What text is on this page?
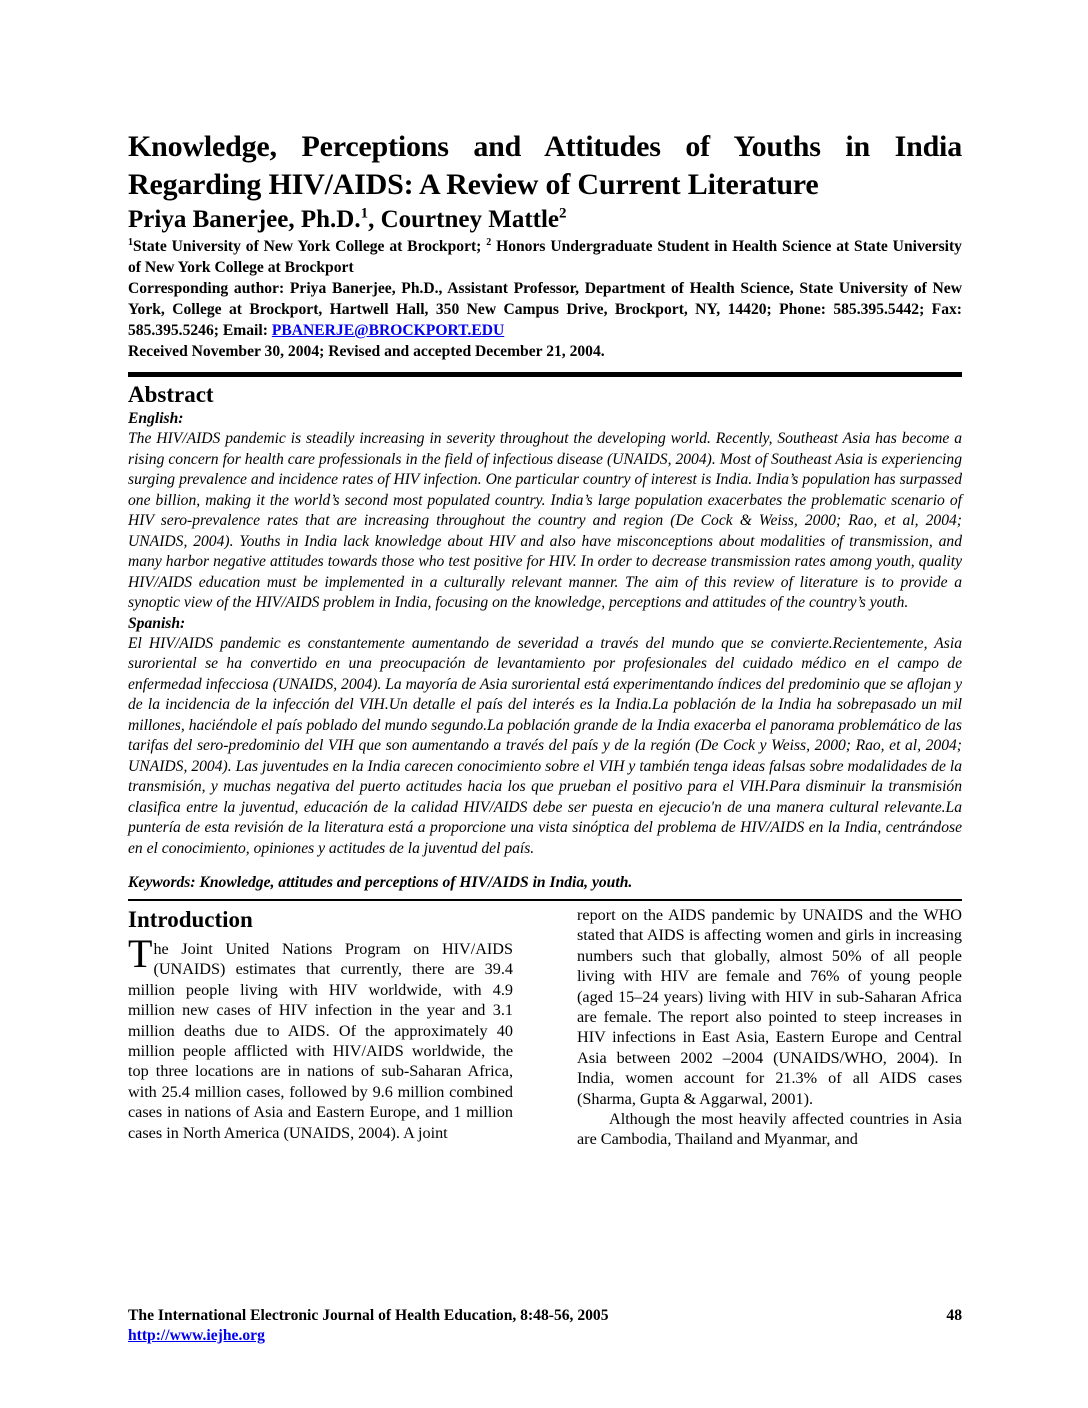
Knowledge, Perceptions and Attitudes of Youths in India Regarding HIV/AIDS: A Review of Current Literature

Priya Banerjee, Ph.D.$^1$, Courtney Mattle$^2$

$^1$State University of New York College at Brockport; $^2$ Honors Undergraduate Student in Health Science at State University of New York College at Brockport

Corresponding author: Priya Banerjee, Ph.D., Assistant Professor, Department of Health Science, State University of New York, College at Brockport, Hartwell Hall, 350 New Campus Drive, Brockport, NY, 14420; Phone: 585.395.5442; Fax: 585.395.5246; Email: PBANERJE@BROCKPORT.EDU

Received November 30, 2004; Revised and accepted December 21, 2004.

Abstract

English:

The HIV/AIDS pandemic is steadily increasing in severity throughout the developing world. Recently, Southeast Asia has become a rising concern for health care professionals in the field of infectious disease (UNAIDS, 2004). Most of Southeast Asia is experiencing surging prevalence and incidence rates of HIV infection. One particular country of interest is India. India’s population has surpassed one billion, making it the world’s second most populated country. India’s large population exacerbates the problematic scenario of HIV sero-prevalence rates that are increasing throughout the country and region (De Cock & Weiss, 2000; Rao, et al, 2004; UNAIDS, 2004). Youths in India lack knowledge about HIV and also have misconceptions about modalities of transmission, and many harbor negative attitudes towards those who test positive for HIV. In order to decrease transmission rates among youth, quality HIV/AIDS education must be implemented in a culturally relevant manner. The aim of this review of literature is to provide a synoptic view of the HIV/AIDS problem in India, focusing on the knowledge, perceptions and attitudes of the country’s youth.

Spanish:

El HIV/AIDS pandemic es constantemente aumentando de severidad a través del mundo que se convierte.Recientemente, Asia suroriental se ha convertido en una preocupación de levantamiento por profesionales del cuidado médico en el campo de enfermedad infecciosa (UNAIDS, 2004). La mayoría de Asia suroriental está experimentando índices del predominio que se aflojan y de la incidencia de la infección del VIH.Un detalle el país del interés es la India.La población de la India ha sobrepasado un mil millones, haciéndole el país poblado del mundo segundo.La población grande de la India exacerba el panorama problemático de las tarifas del sero-predominio del VIH que son aumentando a través del país y de la región (De Cock y Weiss, 2000; Rao, et al, 2004; UNAIDS, 2004). Las juventudes en la India carecen conocimiento sobre el VIH y también tenga ideas falsas sobre modalidades de la transmisión, y muchas negativa del puerto actitudes hacia los que prueban el positivo para el VIH.Para disminuir la transmisión clasifica entre la juventud, educación de la calidad HIV/AIDS debe ser puesta en ejecucio'n de una manera cultural relevante.La puntería de esta revisión de la literatura está a proporcione una vista sinóptica del problema de HIV/AIDS en la India, centrándose en el conocimiento, opiniones y actitudes de la juventud del país.

Keywords: Knowledge, attitudes and perceptions of HIV/AIDS in India, youth.

Introduction

The Joint United Nations Program on HIV/AIDS (UNAIDS) estimates that currently, there are 39.4 million people living with HIV worldwide, with 4.9 million new cases of HIV infection in the year and 3.1 million deaths due to AIDS. Of the approximately 40 million people afflicted with HIV/AIDS worldwide, the top three locations are in nations of sub-Saharan Africa, with 25.4 million cases, followed by 9.6 million combined cases in nations of Asia and Eastern Europe, and 1 million cases in North America (UNAIDS, 2004). A joint

report on the AIDS pandemic by UNAIDS and the WHO stated that AIDS is affecting women and girls in increasing numbers such that globally, almost 50% of all people living with HIV are female and 76% of young people (aged 15–24 years) living with HIV in sub-Saharan Africa are female. The report also pointed to steep increases in HIV infections in East Asia, Eastern Europe and Central Asia between 2002 –2004 (UNAIDS/WHO, 2004). In India, women account for 21.3% of all AIDS cases (Sharma, Gupta & Aggarwal, 2001).

Although the most heavily affected countries in Asia are Cambodia, Thailand and Myanmar, and

The International Electronic Journal of Health Education, 8:48-56, 2005	48
http://www.iejhe.org
